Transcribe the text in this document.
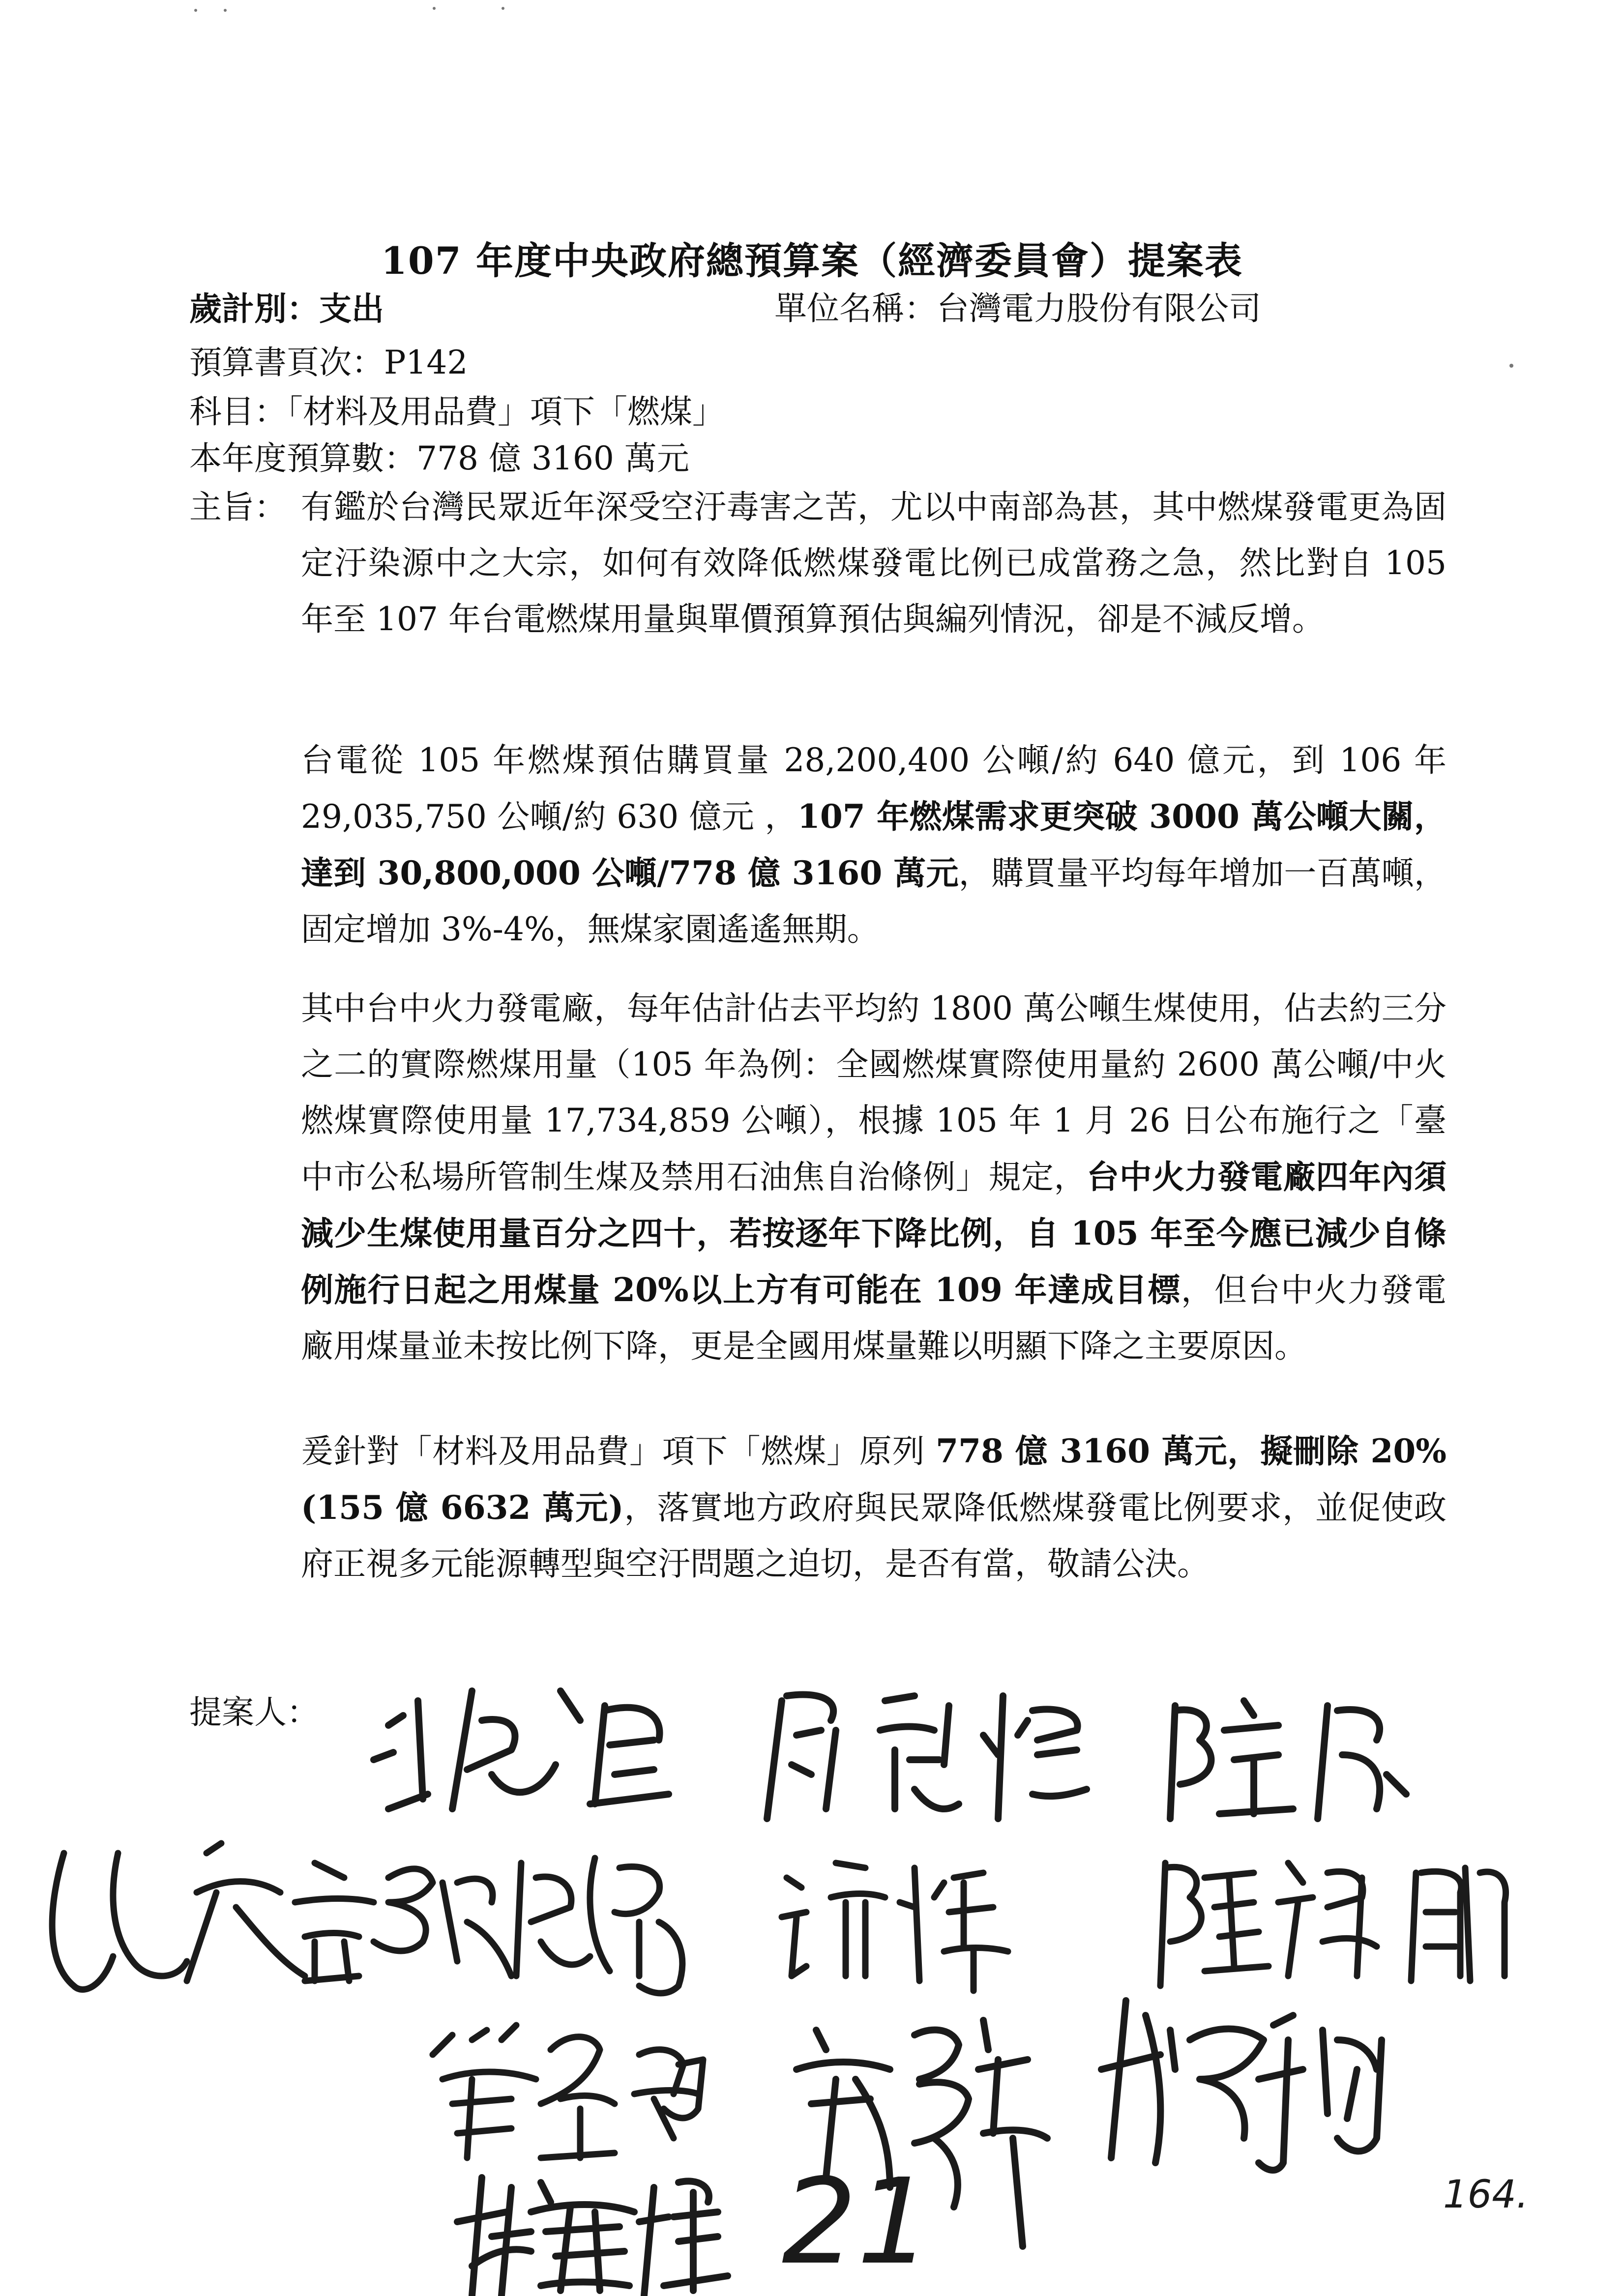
107 年度中央政府總預算案（經濟委員會）提案表
歲計別：支出	單位名稱：台灣電力股份有限公司
預算書頁次：P142
科目：「材料及用品費」項下「燃煤」
本年度預算數：778 億 3160 萬元
主旨： 有鑑於台灣民眾近年深受空汙毒害之苦，尤以中南部為甚，其中燃煤發電更為固定汙染源中之大宗，如何有效降低燃煤發電比例已成當務之急，然比對自 105 年至 107 年台電燃煤用量與單價預算預估與編列情況，卻是不減反增。
台電從 105 年燃煤預估購買量 28,200,400 公噸/約 640 億元，到 106 年 29,035,750 公噸/約 630 億元 ，107 年燃煤需求更突破 3000 萬公噸大關，達到 30,800,000 公噸/778 億 3160 萬元，購買量平均每年增加一百萬噸，固定增加 3%-4%，無煤家園遙遙無期。
其中台中火力發電廠，每年估計佔去平均約 1800 萬公噸生煤使用，佔去約三分之二的實際燃煤用量（105 年為例：全國燃煤實際使用量約 2600 萬公噸/中火燃煤實際使用量 17,734,859 公噸），根據 105 年 1 月 26 日公布施行之「臺中市公私場所管制生煤及禁用石油焦自治條例」規定，台中火力發電廠四年內須減少生煤使用量百分之四十，若按逐年下降比例，自 105 年至今應已減少自條例施行日起之用煤量 20%以上方有可能在 109 年達成目標，但台中火力發電廠用煤量並未按比例下降，更是全國用煤量難以明顯下降之主要原因。
爰針對「材料及用品費」項下「燃煤」原列 778 億 3160 萬元，擬刪除 20%(155 億 6632 萬元)，落實地方政府與民眾降低燃煤發電比例要求，並促使政府正視多元能源轉型與空汙問題之迫切，是否有當，敬請公決。
提案人：
21	164.
